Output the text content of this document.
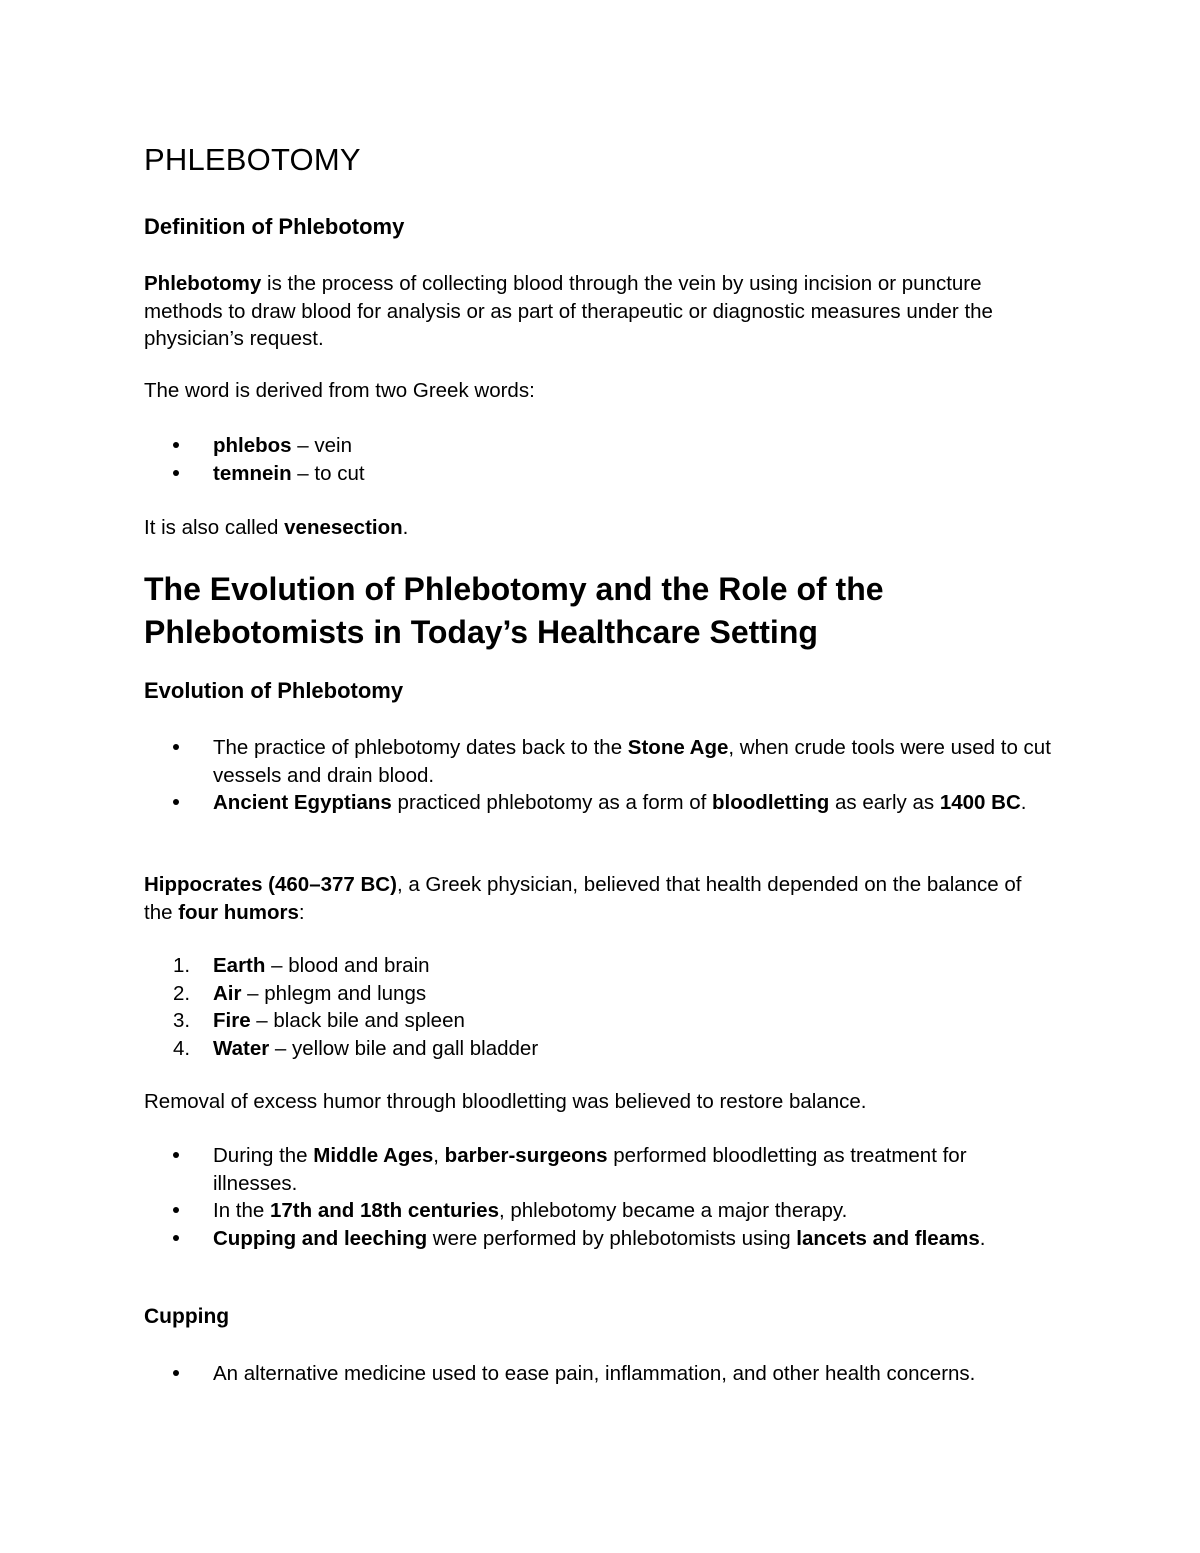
PHLEBOTOMY
Definition of Phlebotomy

Phlebotomy is the process of collecting blood through the vein by using incision or puncture methods to draw blood for analysis or as part of therapeutic or diagnostic measures under the physician’s request.

The word is derived from two Greek words:

phlebos – vein
temnein – to cut

It is also called venesection.

The Evolution of Phlebotomy and the Role of the
Phlebotomists in Today’s Healthcare Setting
Evolution of Phlebotomy
The practice of phlebotomy dates back to the Stone Age, when crude tools were used to cut vessels and drain blood.
Ancient Egyptians practiced phlebotomy as a form of bloodletting as early as 1400 BC.

Hippocrates (460–377 BC), a Greek physician, believed that health depended on the balance of the four humors:

1. Earth – blood and brain
2. Air – phlegm and lungs
3. Fire – black bile and spleen
4. Water – yellow bile and gall bladder

Removal of excess humor through bloodletting was believed to restore balance.

During the Middle Ages, barber-surgeons performed bloodletting as treatment for illnesses.
In the 17th and 18th centuries, phlebotomy became a major therapy.
Cupping and leeching were performed by phlebotomists using lancets and fleams.
Cupping
An alternative medicine used to ease pain, inflammation, and other health concerns.
